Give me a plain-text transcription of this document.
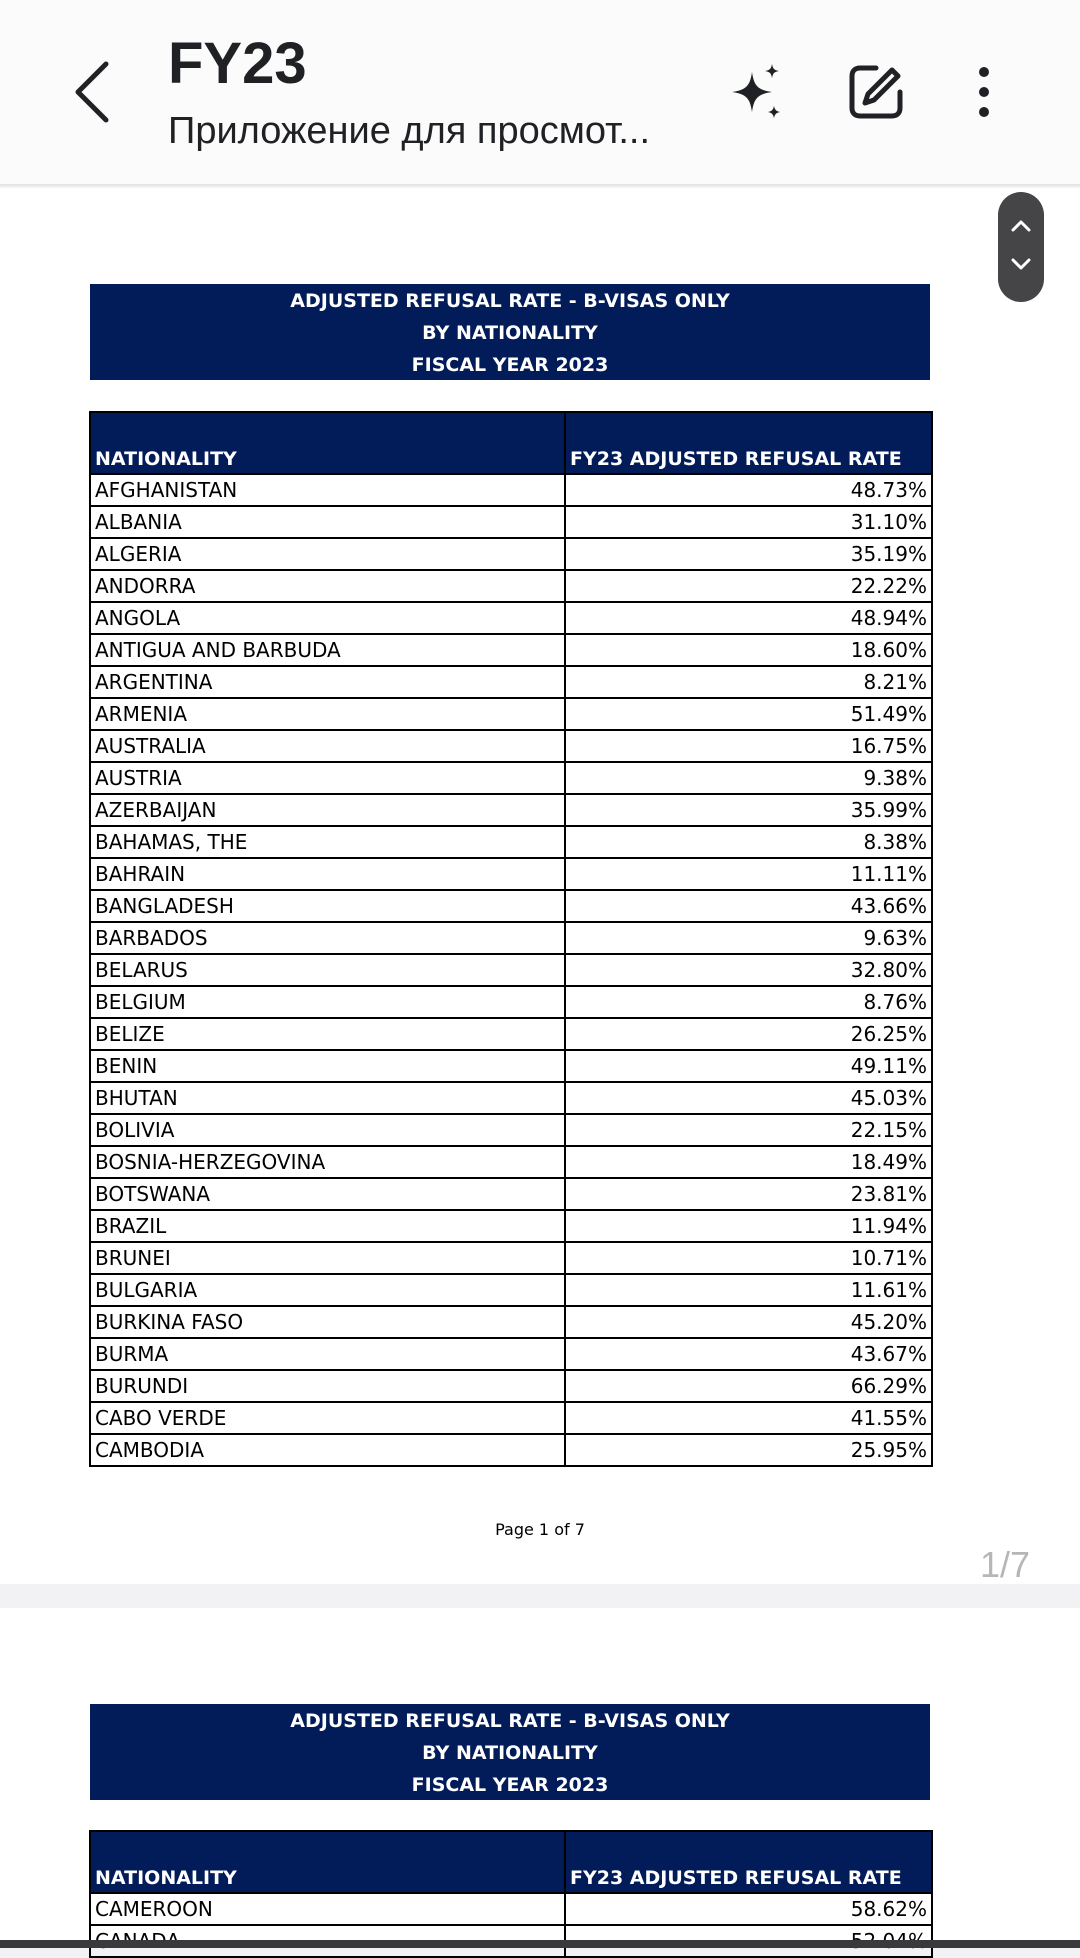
FY23
Приложение для просмот...
ADJUSTED REFUSAL RATE - B-VISAS ONLY
BY NATIONALITY
FISCAL YEAR 2023
NATIONALITY	FY23 ADJUSTED REFUSAL RATE
AFGHANISTAN	48.73%
ALBANIA	31.10%
ALGERIA	35.19%
ANDORRA	22.22%
ANGOLA	48.94%
ANTIGUA AND BARBUDA	18.60%
ARGENTINA	8.21%
ARMENIA	51.49%
AUSTRALIA	16.75%
AUSTRIA	9.38%
AZERBAIJAN	35.99%
BAHAMAS, THE	8.38%
BAHRAIN	11.11%
BANGLADESH	43.66%
BARBADOS	9.63%
BELARUS	32.80%
BELGIUM	8.76%
BELIZE	26.25%
BENIN	49.11%
BHUTAN	45.03%
BOLIVIA	22.15%
BOSNIA-HERZEGOVINA	18.49%
BOTSWANA	23.81%
BRAZIL	11.94%
BRUNEI	10.71%
BULGARIA	11.61%
BURKINA FASO	45.20%
BURMA	43.67%
BURUNDI	66.29%
CABO VERDE	41.55%
CAMBODIA	25.95%
Page 1 of 7
1/7
ADJUSTED REFUSAL RATE - B-VISAS ONLY
BY NATIONALITY
FISCAL YEAR 2023
NATIONALITY	FY23 ADJUSTED REFUSAL RATE
CAMEROON	58.62%
